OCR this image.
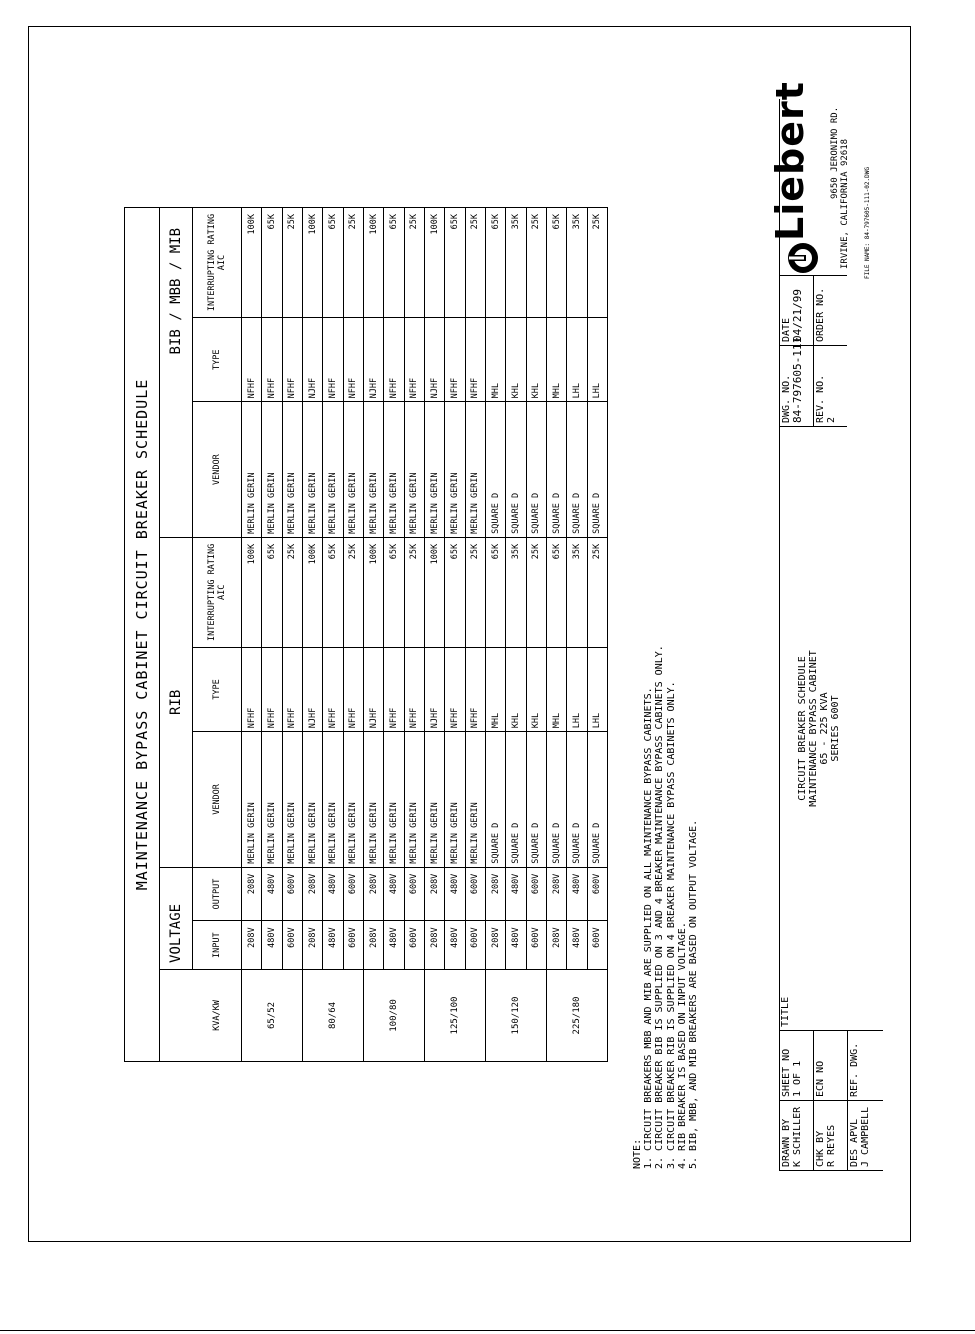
MAINTENANCE BYPASS CABINET CIRCUIT BREAKER SCHEDULE								
	VOLTAGE		RIB			BIB / MBB / MIB		
KVA/KW	INPUT	OUTPUT	VENDOR	TYPE	INTERRUPTING RATING AIC	VENDOR	TYPE	INTERRUPTING RATING AIC
65/52	208V	208V	MERLIN GERIN	NFHF	100K	MERLIN GERIN	NFHF	100K
	480V	480V	MERLIN GERIN	NFHF	65K	MERLIN GERIN	NFHF	65K
	600V	600V	MERLIN GERIN	NFHF	25K	MERLIN GERIN	NFHF	25K
80/64	208V	208V	MERLIN GERIN	NJHF	100K	MERLIN GERIN	NJHF	100K
	480V	480V	MERLIN GERIN	NFHF	65K	MERLIN GERIN	NFHF	65K
	600V	600V	MERLIN GERIN	NFHF	25K	MERLIN GERIN	NFHF	25K
100/80	208V	208V	MERLIN GERIN	NJHF	100K	MERLIN GERIN	NJHF	100K
	480V	480V	MERLIN GERIN	NFHF	65K	MERLIN GERIN	NFHF	65K
	600V	600V	MERLIN GERIN	NFHF	25K	MERLIN GERIN	NFHF	25K
125/100	208V	208V	MERLIN GERIN	NJHF	100K	MERLIN GERIN	NJHF	100K
	480V	480V	MERLIN GERIN	NFHF	65K	MERLIN GERIN	NFHF	65K
	600V	600V	MERLIN GERIN	NFHF	25K	MERLIN GERIN	NFHF	25K
150/120	208V	208V	SQUARE D	MHL	65K	SQUARE D	MHL	65K
	480V	480V	SQUARE D	KHL	35K	SQUARE D	KHL	35K
	600V	600V	SQUARE D	KHL	25K	SQUARE D	KHL	25K
225/180	208V	208V	SQUARE D	MHL	65K	SQUARE D	MHL	65K
	480V	480V	SQUARE D	LHL	35K	SQUARE D	LHL	35K
	600V	600V	SQUARE D	LHL	25K	SQUARE D	LHL	25K
NOTE: 1. CIRCUIT BREAKERS MBB AND MIB ARE SUPPLIED ON ALL MAINTENANCE BYPASS CABINETS. 2. CIRCUIT BREAKER BIB IS SUPPLIED ON 3 AND 4 BREAKER MAINTENANCE BYPASS CABINETS ONLY. 3. CIRCUIT BREAKER RIB IS SUPPLIED ON 4 BREAKER MAINTENANCE BYPASS CABINETS ONLY. 4. RIB BREAKER IS BASED ON INPUT VOLTAGE. 5. BIB, MBB, AND MIB BREAKERS ARE BASED ON OUTPUT VOLTAGE.	DRAWN BY K SCHILLER
SHEET NO 1 OF 1
CHK BY R REYES
ECN NO
DES APVL J CAMPBELL
REF. DWG.
TITLE
CIRCUIT BREAKER SCHEDULE MAINTENANCE BYPASS CABINET 65 - 225 KVA SERIES 600T
DWG. NO. 84-797605-111
DATE 04/21/99
REV. NO. 2
ORDER NO.
Liebert 9650 JERONIMO RD. IRVINE, CALIFORNIA 92618 FILE NAME: 84-797605-111-02.DWG
